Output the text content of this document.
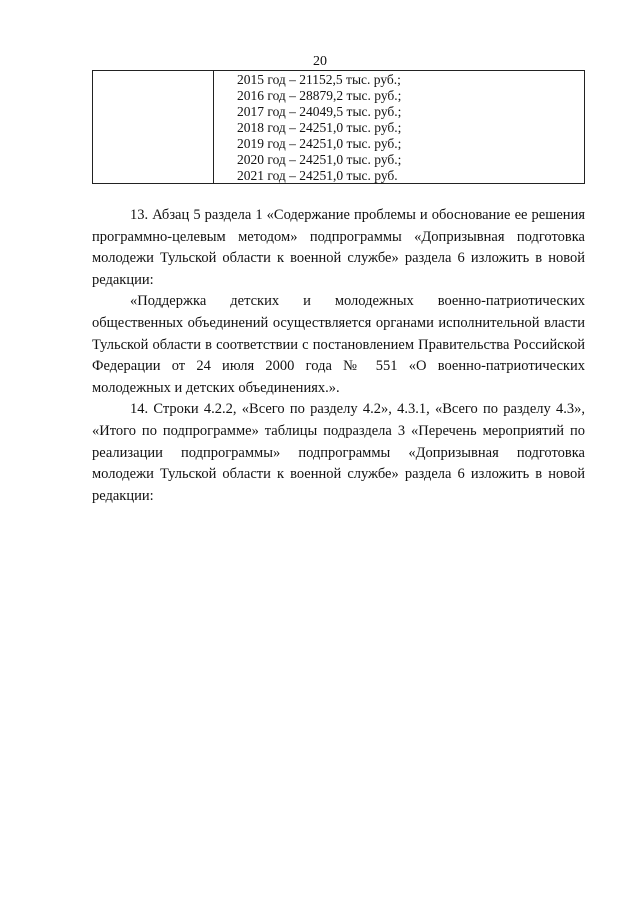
20
2015 год – 21152,5 тыс. руб.;
2016 год – 28879,2 тыс. руб.;
2017 год – 24049,5 тыс. руб.;
2018 год – 24251,0 тыс. руб.;
2019 год – 24251,0 тыс. руб.;
2020 год – 24251,0 тыс. руб.;
2021 год – 24251,0 тыс. руб.

13. Абзац 5 раздела 1 «Содержание проблемы и обоснование ее решения программно-целевым методом» подпрограммы «Допризывная подготовка молодежи Тульской области к военной службе» раздела 6 изложить в новой редакции:

«Поддержка детских и молодежных военно-патриотических общественных объединений осуществляется органами исполнительной власти Тульской области в соответствии с постановлением Правительства Российской Федерации от 24 июля 2000 года № 551 «О военно-патриотических молодежных и детских объединениях.».

14. Строки 4.2.2, «Всего по разделу 4.2», 4.3.1, «Всего по разделу 4.3», «Итого по подпрограмме» таблицы подраздела 3 «Перечень мероприятий по реализации подпрограммы» подпрограммы «Допризывная подготовка молодежи Тульской области к военной службе» раздела 6 изложить в новой редакции:
